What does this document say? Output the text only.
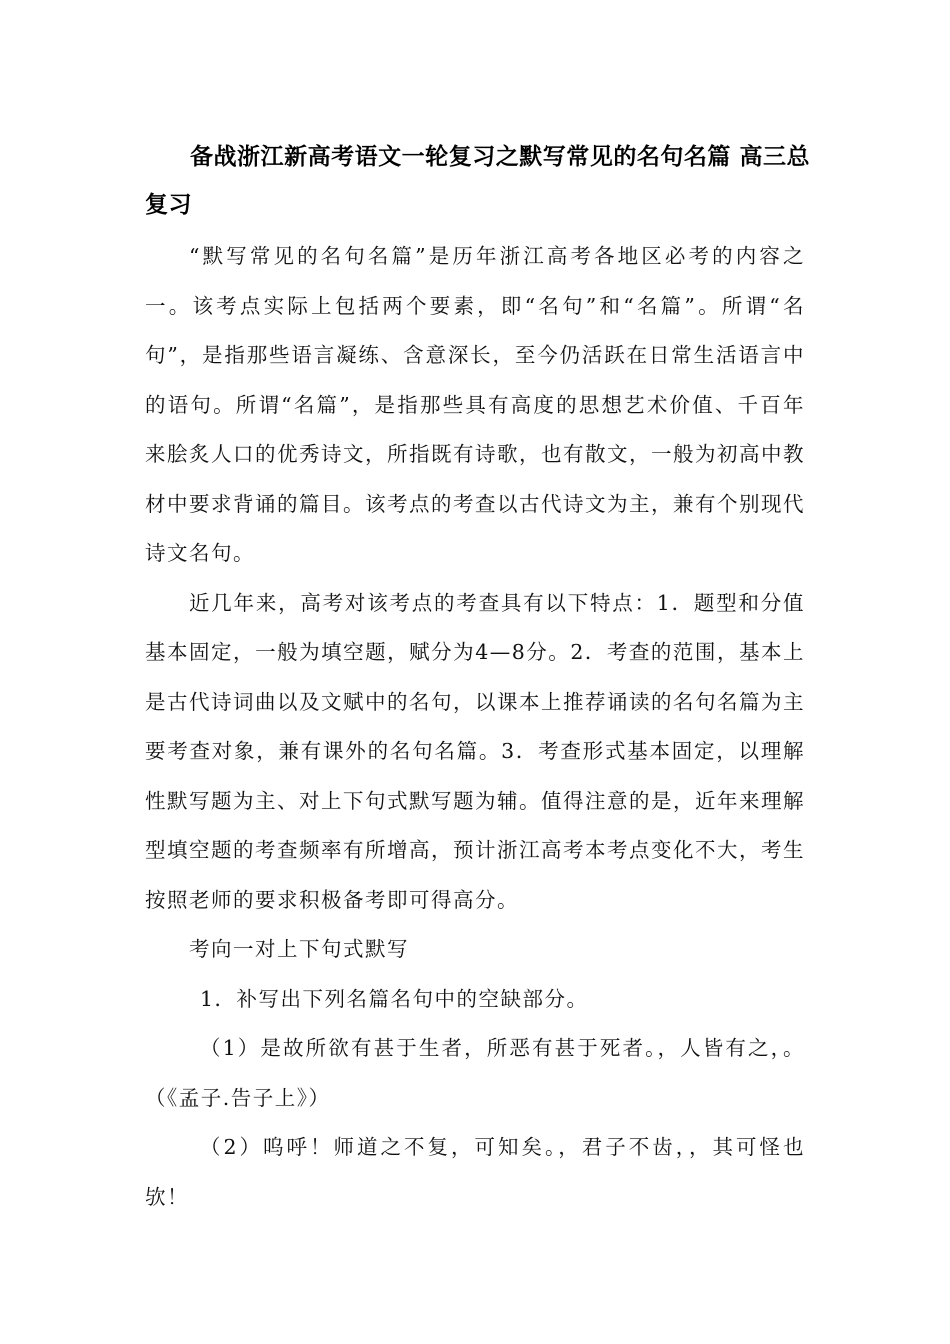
备战浙江新高考语文一轮复习之默写常见的名句名篇 高三总复习

“默写常见的名句名篇”是历年浙江高考各地区必考的内容之一。该考点实际上包括两个要素，即“名句”和“名篇”。所谓“名句”，是指那些语言凝练、含意深长，至今仍活跃在日常生活语言中的语句。所谓“名篇”，是指那些具有高度的思想艺术价值、千百年来脍炙人口的优秀诗文，所指既有诗歌，也有散文，一般为初高中教材中要求背诵的篇目。该考点的考查以古代诗文为主，兼有个别现代诗文名句。

近几年来，高考对该考点的考查具有以下特点：1．题型和分值基本固定，一般为填空题，赋分为4—8分。2．考查的范围，基本上是古代诗词曲以及文赋中的名句，以课本上推荐诵读的名句名篇为主要考查对象，兼有课外的名句名篇。3．考查形式基本固定，以理解性默写题为主、对上下句式默写题为辅。值得注意的是，近年来理解型填空题的考查频率有所增高，预计浙江高考本考点变化不大，考生按照老师的要求积极备考即可得高分。

考向一对上下句式默写

1．补写出下列名篇名句中的空缺部分。

（1）是故所欲有甚于生者，所恶有甚于死者。，人皆有之，。（《孟子.告子上》）

（2）呜呼！师道之不复，可知矣。，君子不齿，，其可怪也欤！
